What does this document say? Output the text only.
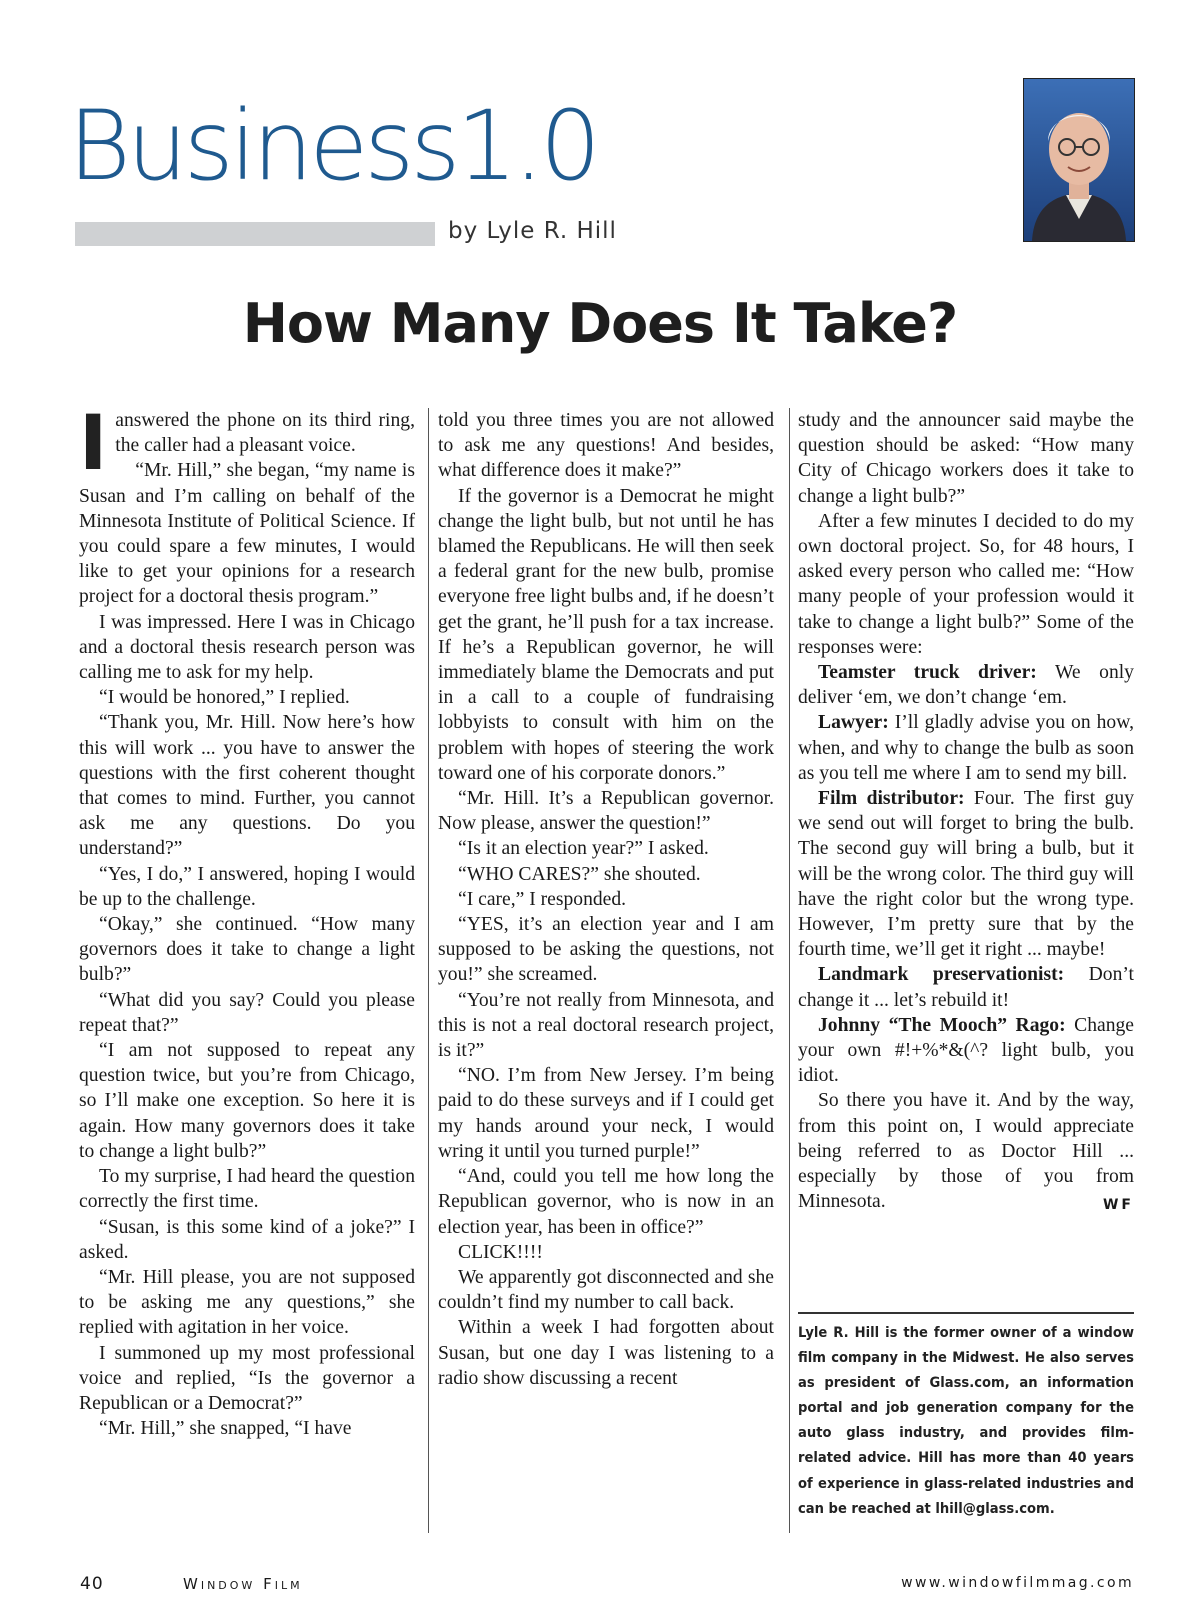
Business1.0
by Lyle R. Hill
How Many Does It Take?

Ianswered the phone on its third ring, the caller had a pleasant voice.

“Mr. Hill,” she began, “my name is Susan and I’m calling on behalf of the Minnesota Institute of Political Science. If you could spare a few minutes, I would like to get your opinions for a research project for a doctoral thesis program.”

I was impressed. Here I was in Chicago and a doctoral thesis research person was calling me to ask for my help.

“I would be honored,” I replied.

“Thank you, Mr. Hill. Now here’s how this will work ... you have to answer the questions with the first coherent thought that comes to mind. Further, you cannot ask me any questions. Do you understand?”

“Yes, I do,” I answered, hoping I would be up to the challenge.

“Okay,” she continued. “How many governors does it take to change a light bulb?”

“What did you say? Could you please repeat that?”

“I am not supposed to repeat any question twice, but you’re from Chicago, so I’ll make one exception. So here it is again. How many governors does it take to change a light bulb?”

To my surprise, I had heard the question correctly the first time.

“Susan, is this some kind of a joke?” I asked.

“Mr. Hill please, you are not supposed to be asking me any questions,” she replied with agitation in her voice.

I summoned up my most professional voice and replied, “Is the governor a Republican or a Democrat?”

“Mr. Hill,” she snapped, “I have

told you three times you are not allowed to ask me any questions! And besides, what difference does it make?”

If the governor is a Democrat he might change the light bulb, but not until he has blamed the Republicans. He will then seek a federal grant for the new bulb, promise everyone free light bulbs and, if he doesn’t get the grant, he’ll push for a tax increase. If he’s a Republican governor, he will immediately blame the Democrats and put in a call to a couple of fundraising lobbyists to consult with him on the problem with hopes of steering the work toward one of his corporate donors.”

“Mr. Hill. It’s a Republican governor. Now please, answer the question!”

“Is it an election year?” I asked.

“WHO CARES?” she shouted.

“I care,” I responded.

“YES, it’s an election year and I am supposed to be asking the questions, not you!” she screamed.

“You’re not really from Minnesota, and this is not a real doctoral research project, is it?”

“NO. I’m from New Jersey. I’m being paid to do these surveys and if I could get my hands around your neck, I would wring it until you turned purple!”

“And, could you tell me how long the Republican governor, who is now in an election year, has been in office?”

CLICK!!!!

We apparently got disconnected and she couldn’t find my number to call back.

Within a week I had forgotten about Susan, but one day I was listening to a radio show discussing a recent

study and the announcer said maybe the question should be asked: “How many City of Chicago workers does it take to change a light bulb?”

After a few minutes I decided to do my own doctoral project. So, for 48 hours, I asked every person who called me: “How many people of your profession would it take to change a light bulb?” Some of the responses were:

Teamster truck driver: We only deliver ‘em, we don’t change ‘em.

Lawyer: I’ll gladly advise you on how, when, and why to change the bulb as soon as you tell me where I am to send my bill.

Film distributor: Four. The first guy we send out will forget to bring the bulb. The second guy will bring a bulb, but it will be the wrong color. The third guy will have the right color but the wrong type. However, I’m pretty sure that by the fourth time, we’ll get it right ... maybe!

Landmark preservationist: Don’t change it ... let’s rebuild it!

Johnny “The Mooch” Rago: Change your own #!+%*&(^? light bulb, you idiot.

So there you have it. And by the way, from this point on, I would appreciate being referred to as Doctor Hill ... especially by those of you from Minnesota.	WF

Lyle R. Hill is the former owner of a window film company in the Midwest. He also serves as president of Glass.com, an information portal and job generation company for the auto glass industry, and provides film-related advice. Hill has more than 40 years of experience in glass-related industries and can be reached at lhill@glass.com.
40	Window Film	www.windowfilmmag.com
